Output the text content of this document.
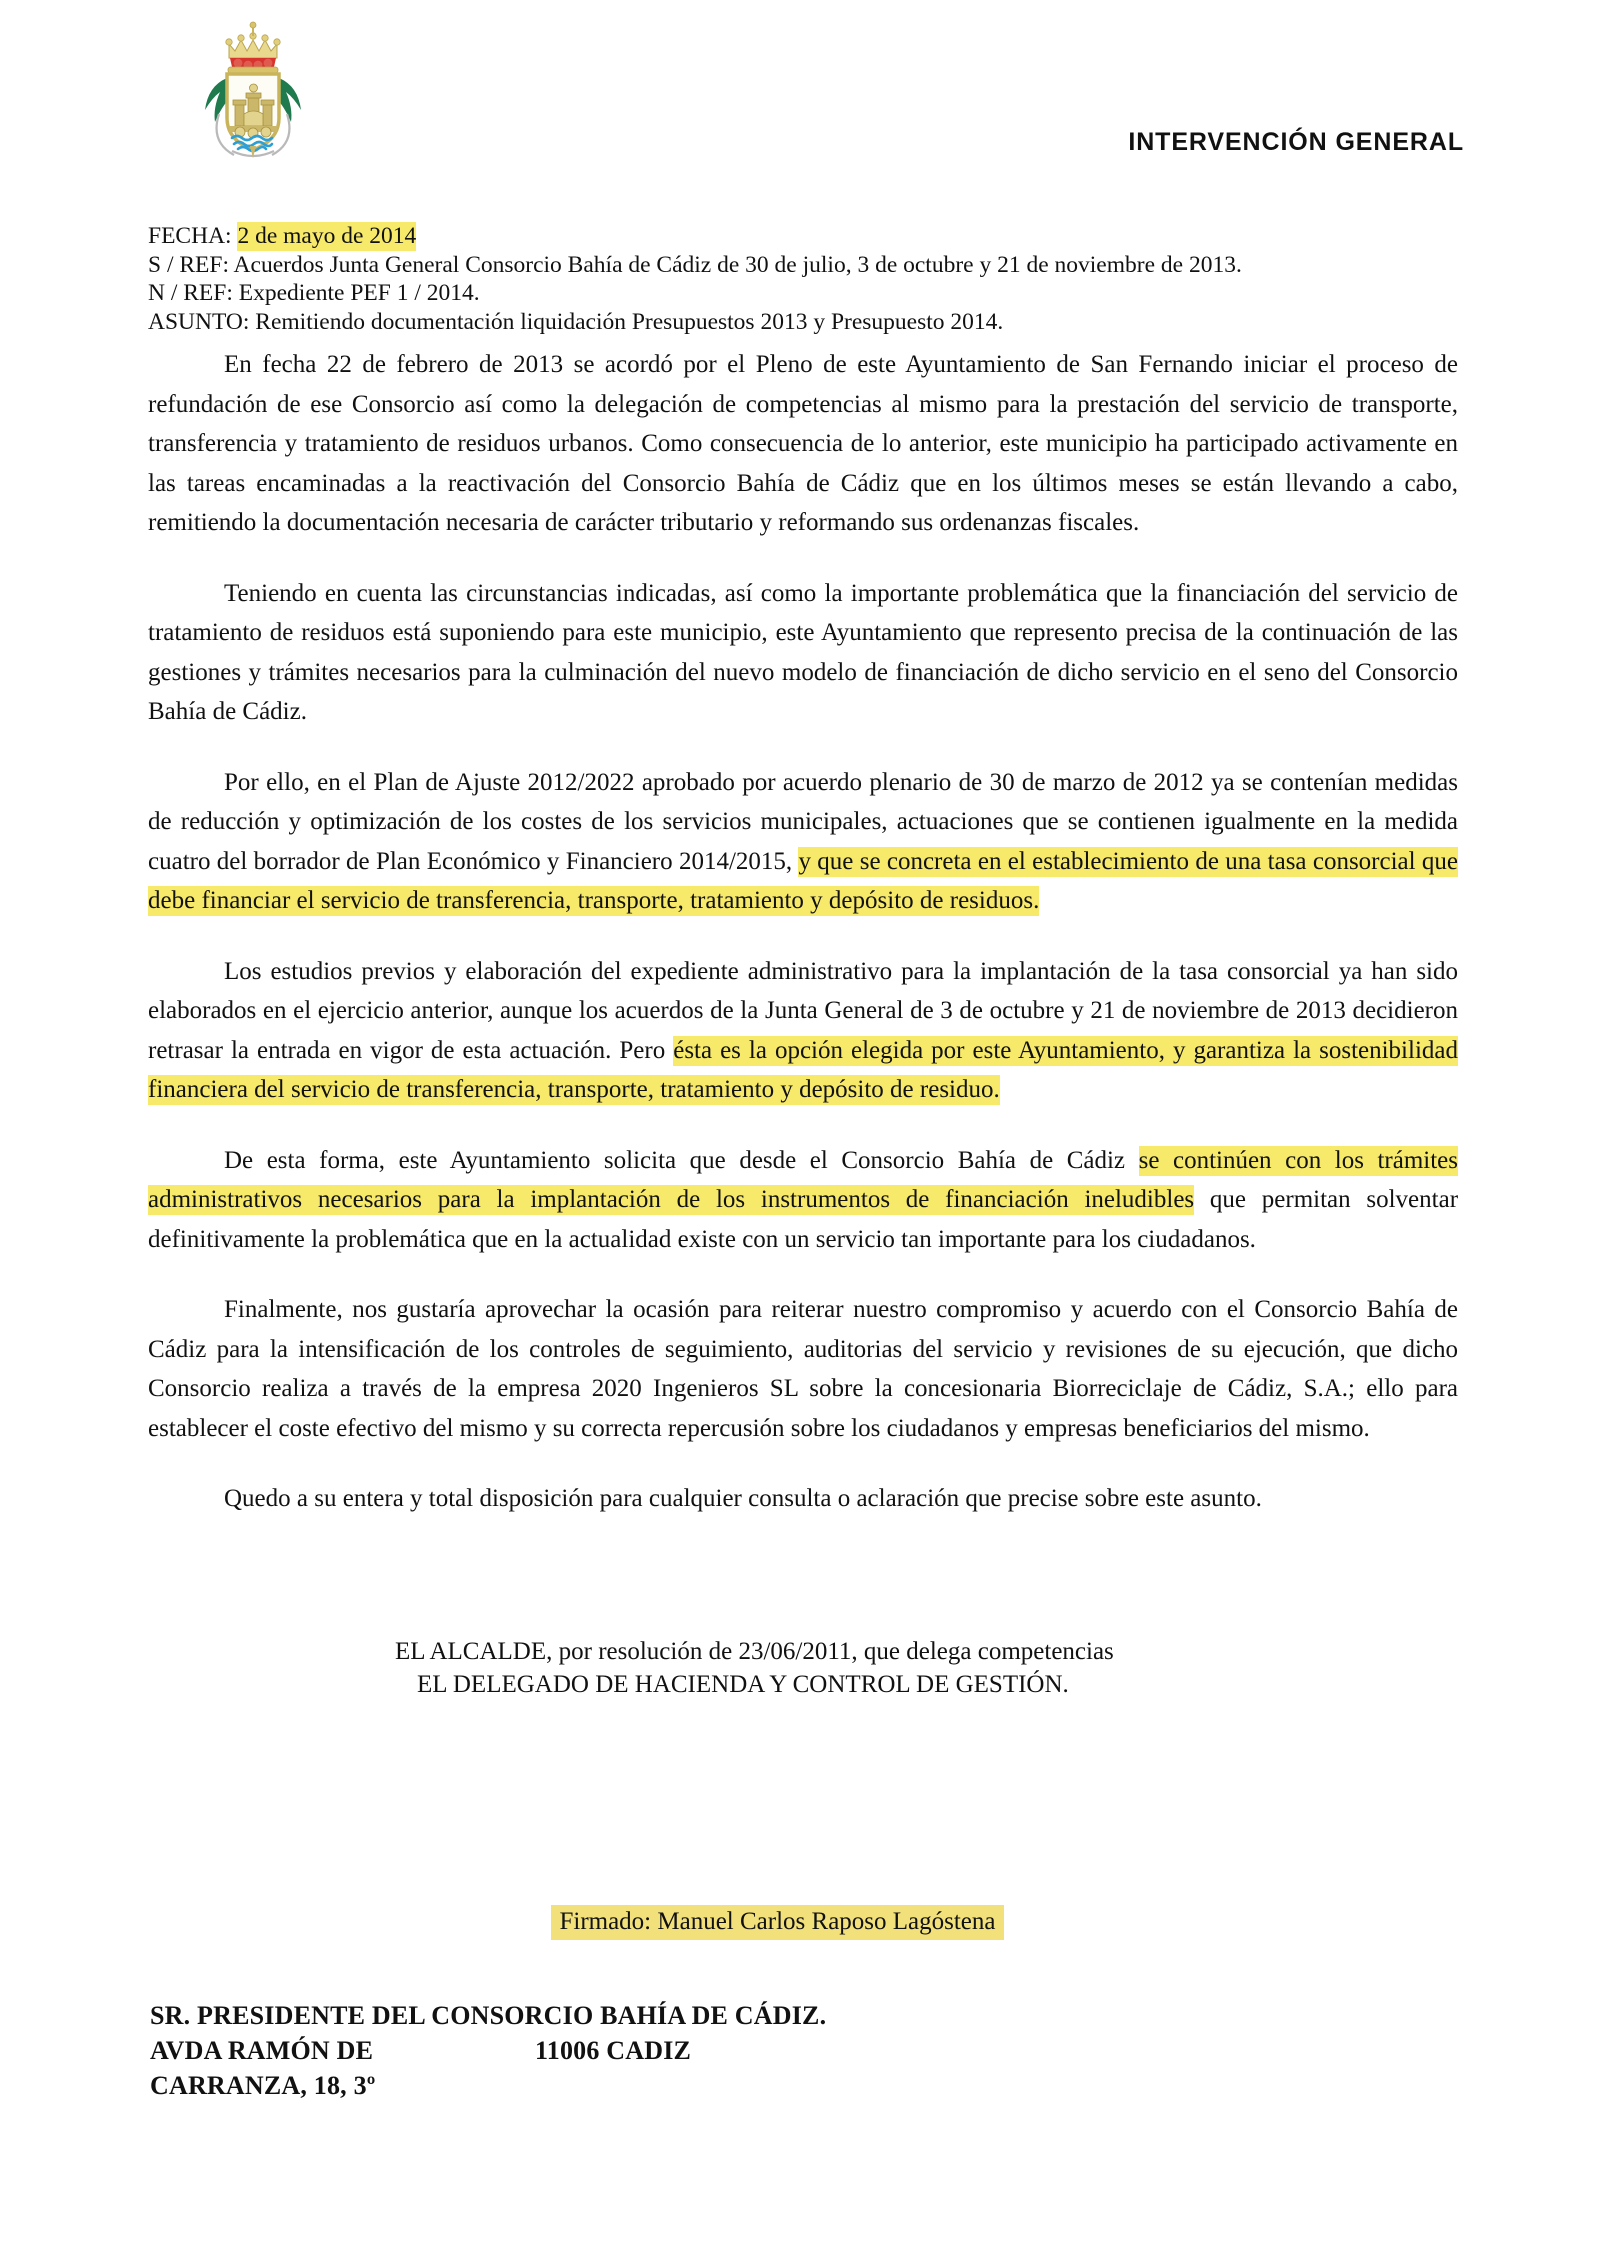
INTERVENCIÓN GENERAL
FECHA: 2 de mayo de 2014
S / REF: Acuerdos Junta General Consorcio Bahía de Cádiz de 30 de julio, 3 de octubre y 21 de noviembre de 2013.
N / REF: Expediente PEF 1 / 2014.
ASUNTO: Remitiendo documentación liquidación Presupuestos 2013 y Presupuesto 2014.

En fecha 22 de febrero de 2013 se acordó por el Pleno de este Ayuntamiento de San Fernando iniciar el proceso de refundación de ese Consorcio así como la delegación de competencias al mismo para la prestación del servicio de transporte, transferencia y tratamiento de residuos urbanos. Como consecuencia de lo anterior, este municipio ha participado activamente en las tareas encaminadas a la reactivación del Consorcio Bahía de Cádiz que en los últimos meses se están llevando a cabo, remitiendo la documentación necesaria de carácter tributario y reformando sus ordenanzas fiscales.

Teniendo en cuenta las circunstancias indicadas, así como la importante problemática que la financiación del servicio de tratamiento de residuos está suponiendo para este municipio, este Ayuntamiento que represento precisa de la continuación de las gestiones y trámites necesarios para la culminación del nuevo modelo de financiación de dicho servicio en el seno del Consorcio Bahía de Cádiz.

Por ello, en el Plan de Ajuste 2012/2022 aprobado por acuerdo plenario de 30 de marzo de 2012 ya se contenían medidas de reducción y optimización de los costes de los servicios municipales, actuaciones que se contienen igualmente en la medida cuatro del borrador de Plan Económico y Financiero 2014/2015, y que se concreta en el establecimiento de una tasa consorcial que debe financiar el servicio de transferencia, transporte, tratamiento y depósito de residuos.

Los estudios previos y elaboración del expediente administrativo para la implantación de la tasa consorcial ya han sido elaborados en el ejercicio anterior, aunque los acuerdos de la Junta General de 3 de octubre y 21 de noviembre de 2013 decidieron retrasar la entrada en vigor de esta actuación. Pero ésta es la opción elegida por este Ayuntamiento, y garantiza la sostenibilidad financiera del servicio de transferencia, transporte, tratamiento y depósito de residuo.

De esta forma, este Ayuntamiento solicita que desde el Consorcio Bahía de Cádiz se continúen con los trámites administrativos necesarios para la implantación de los instrumentos de financiación ineludibles que permitan solventar definitivamente la problemática que en la actualidad existe con un servicio tan importante para los ciudadanos.

Finalmente, nos gustaría aprovechar la ocasión para reiterar nuestro compromiso y acuerdo con el Consorcio Bahía de Cádiz para la intensificación de los controles de seguimiento, auditorias del servicio y revisiones de su ejecución, que dicho Consorcio realiza a través de la empresa 2020 Ingenieros SL sobre la concesionaria Biorreciclaje de Cádiz, S.A.; ello para establecer el coste efectivo del mismo y su correcta repercusión sobre los ciudadanos y empresas beneficiarios del mismo.

Quedo a su entera y total disposición para cualquier consulta o aclaración que precise sobre este asunto.

EL ALCALDE, por resolución de 23/06/2011, que delega competencias
EL DELEGADO DE HACIENDA Y CONTROL DE GESTIÓN.
Firmado: Manuel Carlos Raposo Lagóstena
SR. PRESIDENTE DEL CONSORCIO BAHÍA DE CÁDIZ.
AVDA RAMÓN DE CARRANZA, 18, 3º
11006 CADIZ
